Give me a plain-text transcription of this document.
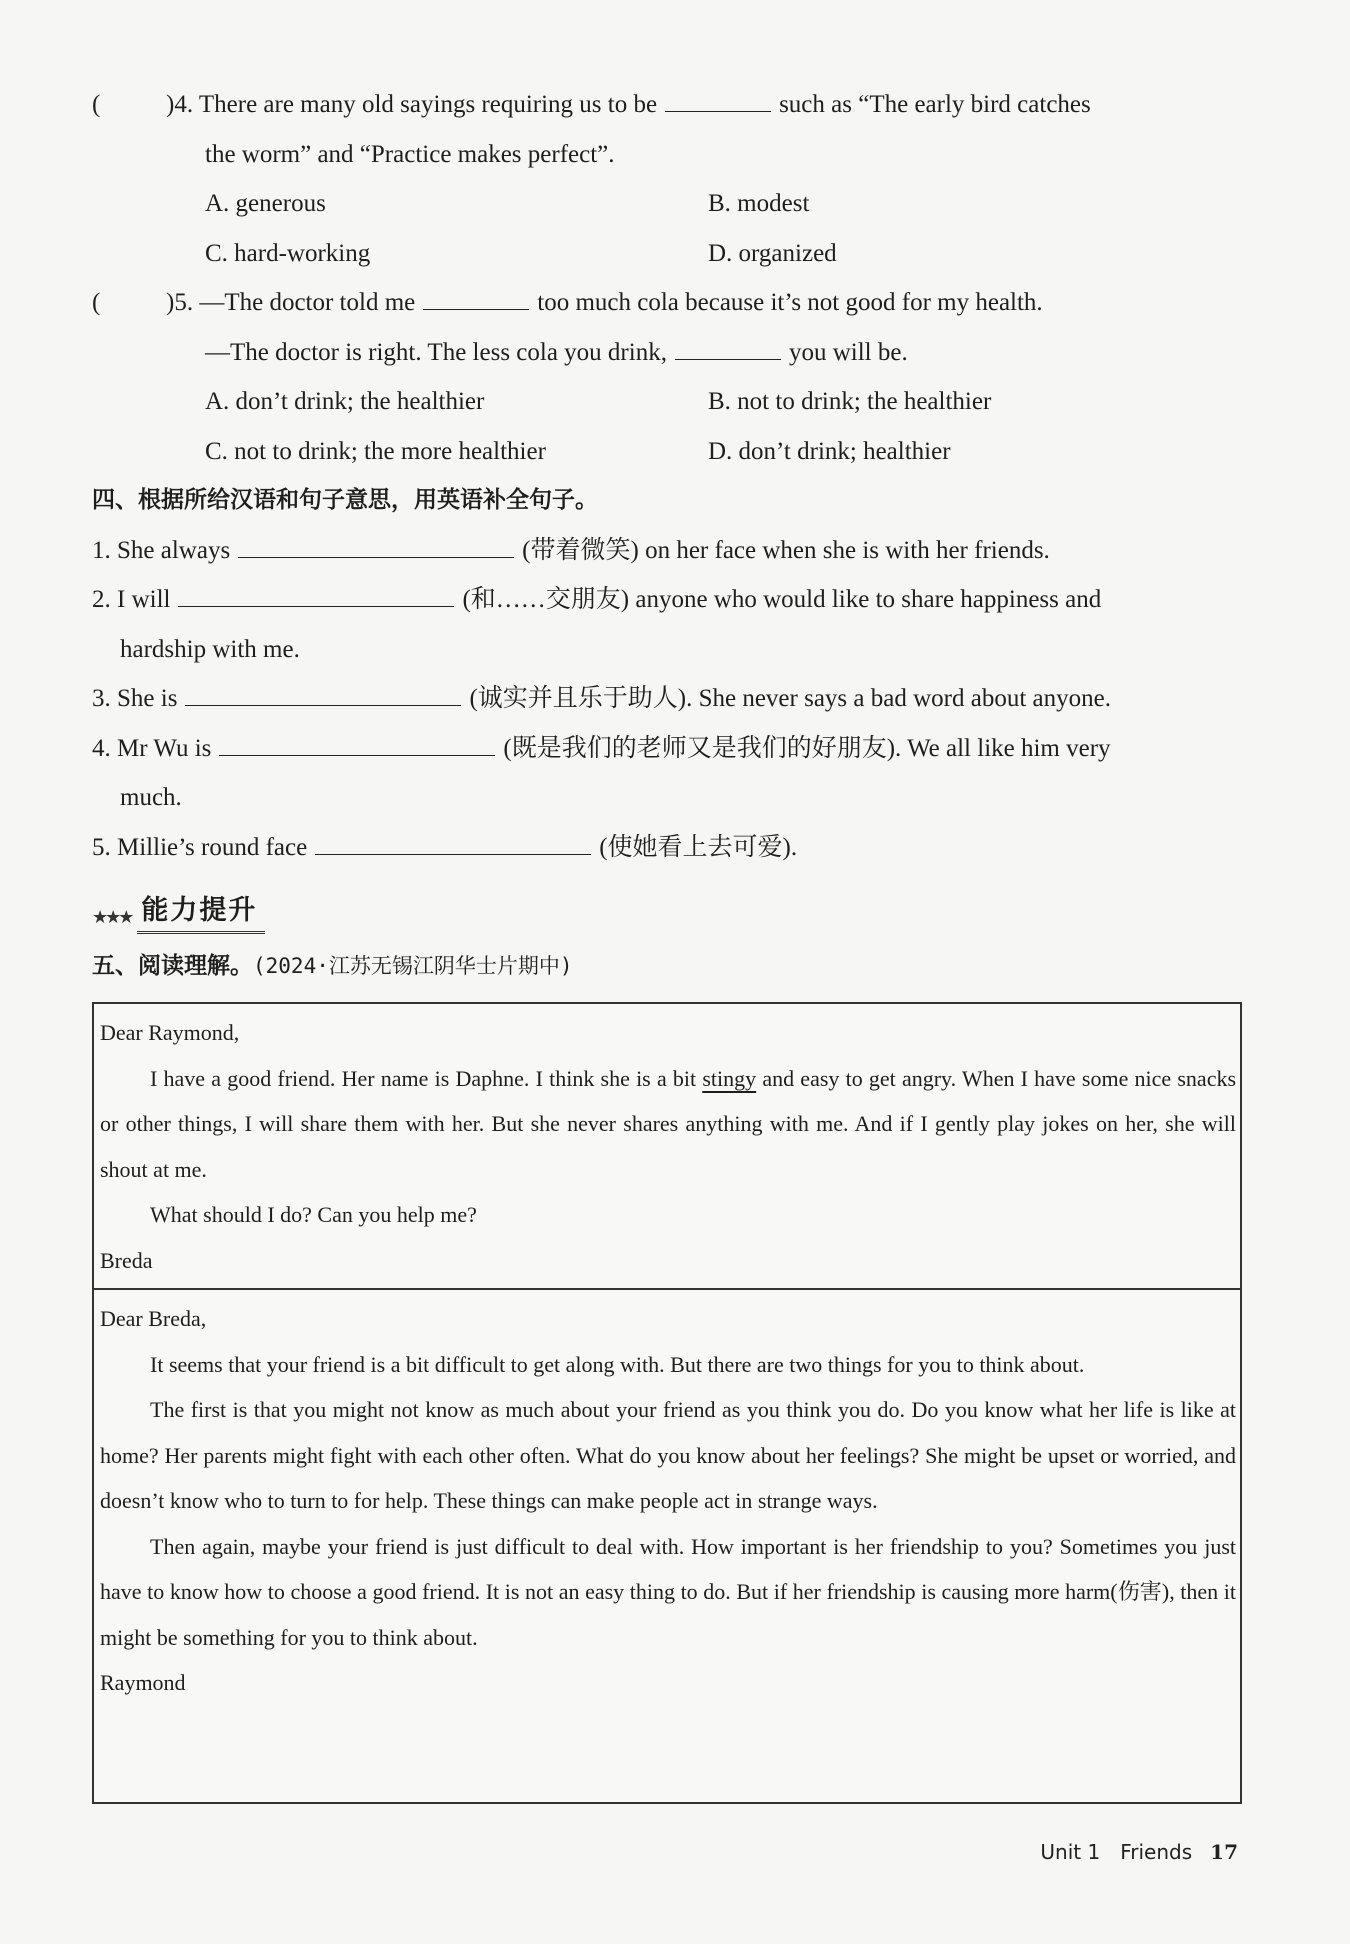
(	)4. There are many old sayings requiring us to be	such as “The early bird catches
the worm” and “Practice makes perfect”.
A. generous	B. modest
C. hard-working	D. organized
(	)5. —The doctor told me	too much cola because it’s not good for my health.
—The doctor is right. The less cola you drink,	you will be.
A. don’t drink; the healthier	B. not to drink; the healthier
C. not to drink; the more healthier	D. don’t drink; healthier
四、根据所给汉语和句子意思，用英语补全句子。
1. She always	(带着微笑) on her face when she is with her friends.
2. I will	(和……交朋友) anyone who would like to share happiness and
hardship with me.
3. She is	(诚实并且乐于助人). She never says a bad word about anyone.
4. Mr Wu is	(既是我们的老师又是我们的好朋友). We all like him very
much.
5. Millie’s round face	(使她看上去可爱).
★★★ 能力提升
五、阅读理解。(2024·江苏无锡江阴华士片期中)

Dear Raymond,

I have a good friend. Her name is Daphne. I think she is a bit stingy and easy to get angry. When I have some nice snacks or other things, I will share them with her. But she never shares anything with me. And if I gently play jokes on her, she will shout at me.

What should I do? Can you help me?

Breda

Dear Breda,

It seems that your friend is a bit difficult to get along with. But there are two things for you to think about.

The first is that you might not know as much about your friend as you think you do. Do you know what her life is like at home? Her parents might fight with each other often. What do you know about her feelings? She might be upset or worried, and doesn’t know who to turn to for help. These things can make people act in strange ways.

Then again, maybe your friend is just difficult to deal with. How important is her friendship to you? Sometimes you just have to know how to choose a good friend. It is not an easy thing to do. But if her friendship is causing more harm(伤害), then it might be something for you to think about.

Raymond

Unit 1 Friends 17
